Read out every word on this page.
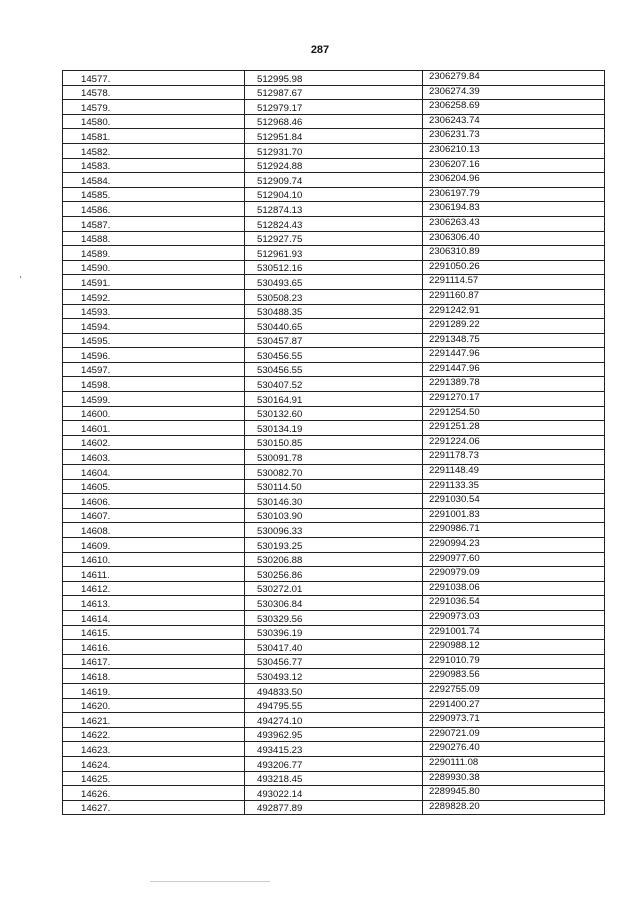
287
14577.	512995.98	2306279.84
14578.	512987.67	2306274.39
14579.	512979.17	2306258.69
14580.	512968.46	2306243.74
14581.	512951.84	2306231.73
14582.	512931.70	2306210.13
14583.	512924.88	2306207.16
14584.	512909.74	2306204.96
14585.	512904.10	2306197.79
14586.	512874.13	2306194.83
14587.	512824.43	2306263.43
14588.	512927.75	2306306.40
14589.	512961.93	2306310.89
14590.	530512.16	2291050.26
14591.	530493.65	2291114.57
14592.	530508.23	2291160.87
14593.	530488.35	2291242.91
14594.	530440.65	2291289.22
14595.	530457.87	2291348.75
14596.	530456.55	2291447.96
14597.	530456.55	2291447.96
14598.	530407.52	2291389.78
14599.	530164.91	2291270.17
14600.	530132.60	2291254.50
14601.	530134.19	2291251.28
14602.	530150.85	2291224.06
14603.	530091.78	2291178.73
14604.	530082.70	2291148.49
14605.	530114.50	2291133.35
14606.	530146.30	2291030.54
14607.	530103.90	2291001.83
14608.	530096.33	2290986.71
14609.	530193.25	2290994.23
14610.	530206.88	2290977.60
14611.	530256.86	2290979.09
14612.	530272.01	2291038.06
14613.	530306.84	2291036.54
14614.	530329.56	2290973.03
14615.	530396.19	2291001.74
14616.	530417.40	2290988.12
14617.	530456.77	2291010.79
14618.	530493.12	2290983.56
14619.	494833.50	2292755.09
14620.	494795.55	2291400.27
14621.	494274.10	2290973.71
14622.	493962.95	2290721.09
14623.	493415.23	2290276.40
14624.	493206.77	2290111.08
14625.	493218.45	2289930.38
14626.	493022.14	2289945.80
14627.	492877.89	2289828.20
